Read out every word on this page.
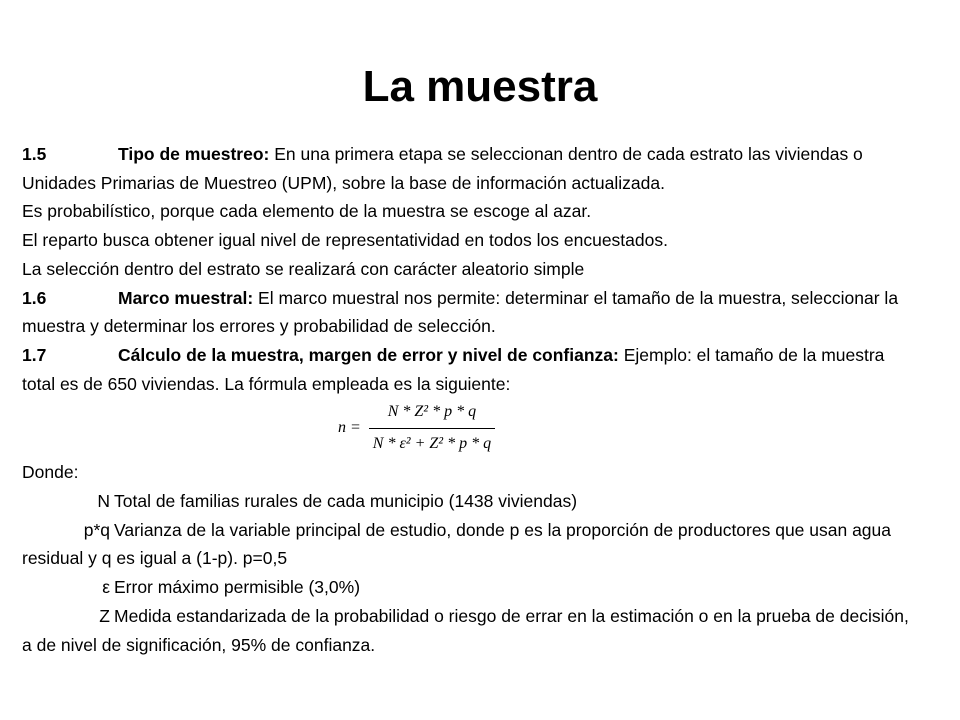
La muestra

1.5	Tipo de muestreo: En una primera etapa se seleccionan dentro de cada estrato las viviendas o Unidades Primarias de Muestreo (UPM), sobre la base de información actualizada.

Es probabilístico, porque cada elemento de la muestra se escoge al azar.

El reparto busca obtener igual nivel de representatividad en todos los encuestados.

La selección dentro del estrato se realizará con carácter aleatorio simple

1.6	Marco muestral: El marco muestral nos permite: determinar el tamaño de la muestra, seleccionar la muestra y determinar los errores y probabilidad de selección.

1.7	Cálculo de la muestra, margen de error y nivel de confianza: Ejemplo: el tamaño de la muestra total es de 650 viviendas. La fórmula empleada es la siguiente:

$n = \frac{\text{N * Z² * p * q}}{\text{N * ε² + Z² * p * q}}$

Donde:

N Total de familias rurales de cada municipio (1438 viviendas)

p*q Varianza de la variable principal de estudio, donde p es la proporción de productores que usan agua residual y q es igual a (1-p). p=0,5

ε Error máximo permisible (3,0%)

Z Medida estandarizada de la probabilidad o riesgo de errar en la estimación o en la prueba de decisión, a de nivel de significación, 95% de confianza.
